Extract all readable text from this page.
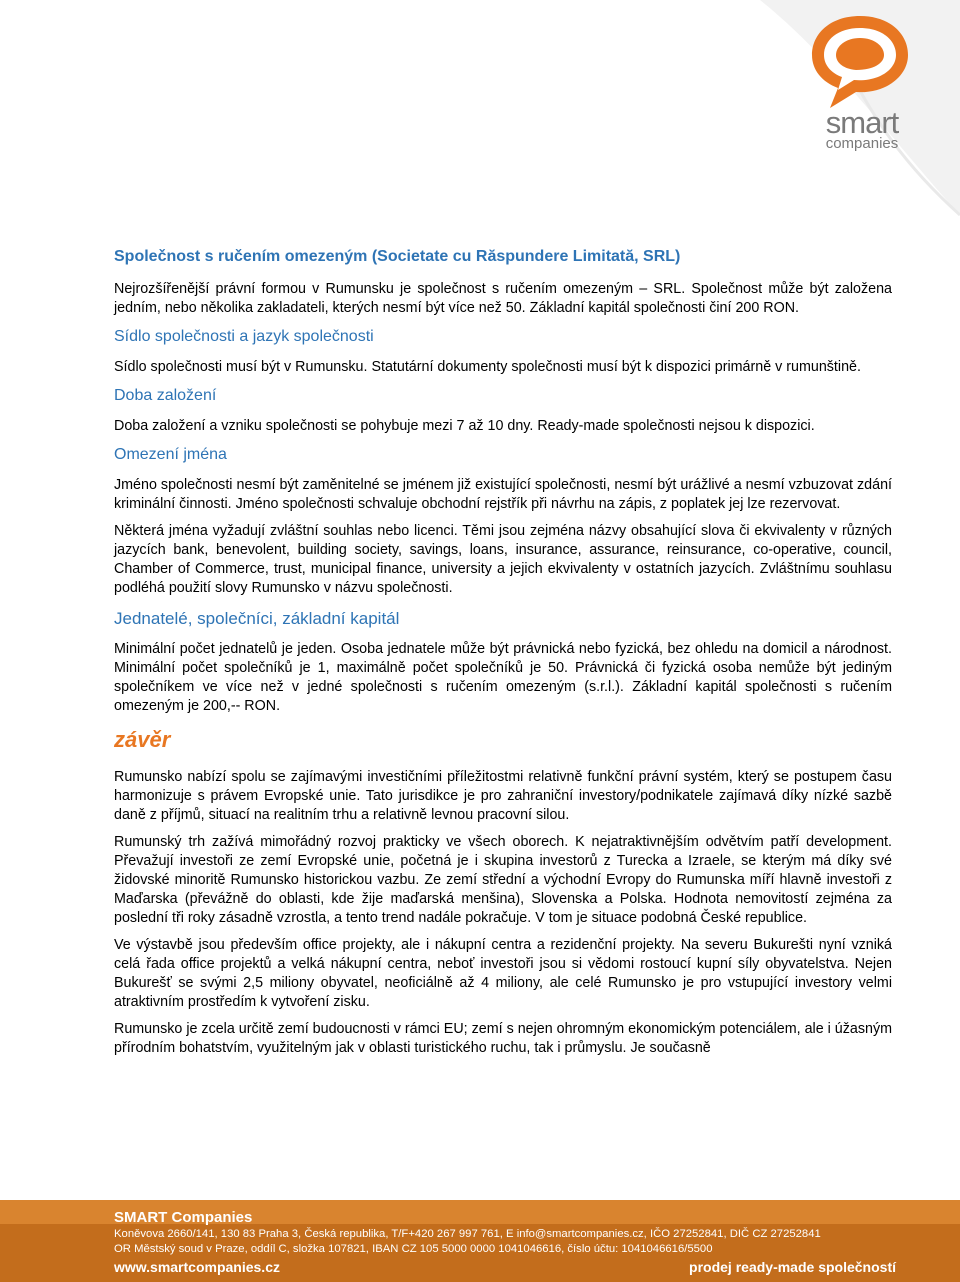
smart
companies
Společnost s ručením omezeným (Societate cu Răspundere Limitată, SRL)

Nejrozšířenější právní formou v Rumunsku je společnost s ručením omezeným – SRL. Společnost může být založena jedním, nebo několika zakladateli, kterých nesmí být více než 50. Základní kapitál společnosti činí 200 RON.

Sídlo společnosti a jazyk společnosti

Sídlo společnosti musí být v Rumunsku. Statutární dokumenty společnosti musí být k dispozici primárně v rumunštině.

Doba založení

Doba založení a vzniku společnosti se pohybuje mezi 7 až 10 dny. Ready-made společnosti nejsou k dispozici.

Omezení jména

Jméno společnosti nesmí být zaměnitelné se jménem již existující společnosti, nesmí být urážlivé a nesmí vzbuzovat zdání kriminální činnosti. Jméno společnosti schvaluje obchodní rejstřík při návrhu na zápis, z poplatek jej lze rezervovat.

Některá jména vyžadují zvláštní souhlas nebo licenci. Těmi jsou zejména názvy obsahující slova či ekvivalenty v různých jazycích bank, benevolent, building society, savings, loans, insurance, assurance, reinsurance, co-operative, council, Chamber of Commerce, trust, municipal finance, university a jejich ekvivalenty v ostatních jazycích. Zvláštnímu souhlasu podléhá použití slovy Rumunsko v názvu společnosti.

Jednatelé, společníci, základní kapitál

Minimální počet jednatelů je jeden. Osoba jednatele může být právnická nebo fyzická, bez ohledu na domicil a národnost. Minimální počet společníků je 1, maximálně počet společníků je 50. Právnická či fyzická osoba nemůže být jediným společníkem ve více než v jedné společnosti s ručením omezeným (s.r.l.). Základní kapitál společnosti s ručením omezeným je 200,-- RON.

závěr

Rumunsko nabízí spolu se zajímavými investičními příležitostmi relativně funkční právní systém, který se postupem času harmonizuje s právem Evropské unie. Tato jurisdikce je pro zahraniční investory/podnikatele zajímavá díky nízké sazbě daně z příjmů, situací na realitním trhu a relativně levnou pracovní silou.

Rumunský trh zažívá mimořádný rozvoj prakticky ve všech oborech. K nejatraktivnějším odvětvím patří development. Převažují investoři ze zemí Evropské unie, početná je i skupina investorů z Turecka a Izraele, se kterým má díky své židovské minoritě Rumunsko historickou vazbu. Ze zemí střední a východní Evropy do Rumunska míří hlavně investoři z Maďarska (převážně do oblasti, kde žije maďarská menšina), Slovenska a Polska. Hodnota nemovitostí zejména za poslední tři roky zásadně vzrostla, a tento trend nadále pokračuje. V tom je situace podobná České republice.

Ve výstavbě jsou především office projekty, ale i nákupní centra a rezidenční projekty. Na severu Bukurešti nyní vzniká celá řada office projektů a velká nákupní centra, neboť investoři jsou si vědomi rostoucí kupní síly obyvatelstva. Nejen Bukurešť se svými 2,5 miliony obyvatel, neoficiálně až 4 miliony, ale celé Rumunsko je pro vstupující investory velmi atraktivním prostředím k vytvoření zisku.

Rumunsko je zcela určitě zemí budoucnosti v rámci EU; zemí s nejen ohromným ekonomickým potenciálem, ale i úžasným přírodním bohatstvím, využitelným jak v oblasti turistického ruchu, tak i průmyslu. Je současně

SMART Companies
Koněvova 2660/141, 130 83 Praha 3, Česká republika, T/F+420 267 997 761, E info@smartcompanies.cz, IČO 27252841, DIČ CZ 27252841
OR Městský soud v Praze, oddíl C, složka 107821, IBAN CZ 105 5000 0000 1041046616, číslo účtu: 1041046616/5500
www.smartcompanies.cz	prodej ready-made společností
